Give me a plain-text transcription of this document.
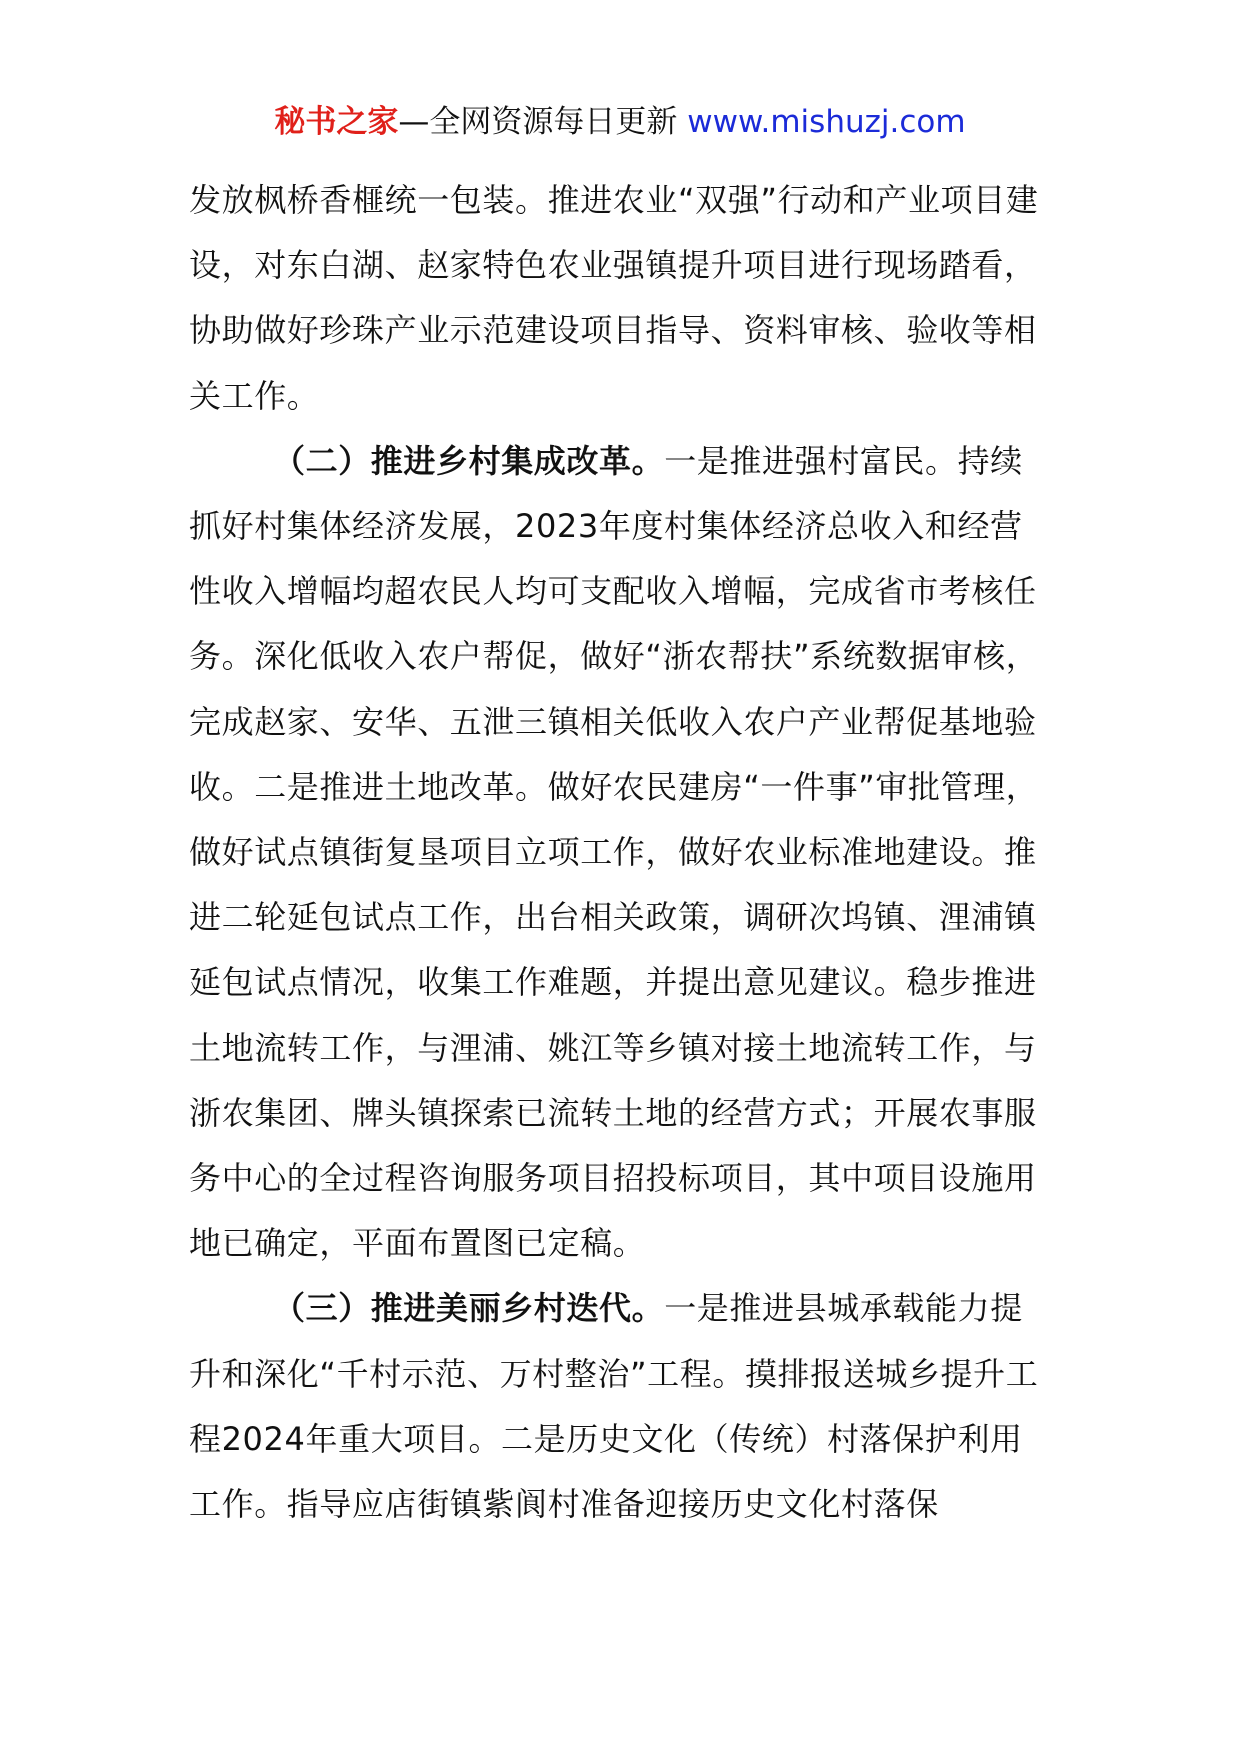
秘书之家—全网资源每日更新 www.mishuzj.com

发放枫桥香榧统一包装。推进农业“双强”行动和产业项目建设，对东白湖、赵家特色农业强镇提升项目进行现场踏看，协助做好珍珠产业示范建设项目指导、资料审核、验收等相关工作。

（二）推进乡村集成改革。一是推进强村富民。持续抓好村集体经济发展，2023年度村集体经济总收入和经营性收入增幅均超农民人均可支配收入增幅，完成省市考核任务。深化低收入农户帮促，做好“浙农帮扶”系统数据审核，完成赵家、安华、五泄三镇相关低收入农户产业帮促基地验收。二是推进土地改革。做好农民建房“一件事”审批管理，做好试点镇街复垦项目立项工作，做好农业标准地建设。推进二轮延包试点工作，出台相关政策，调研次坞镇、浬浦镇延包试点情况，收集工作难题，并提出意见建议。稳步推进土地流转工作，与浬浦、姚江等乡镇对接土地流转工作，与浙农集团、牌头镇探索已流转土地的经营方式；开展农事服务中心的全过程咨询服务项目招投标项目，其中项目设施用地已确定，平面布置图已定稿。

（三）推进美丽乡村迭代。一是推进县城承载能力提升和深化“千村示范、万村整治”工程。摸排报送城乡提升工程2024年重大项目。二是历史文化（传统）村落保护利用工作。指导应店街镇紫阆村准备迎接历史文化村落保
